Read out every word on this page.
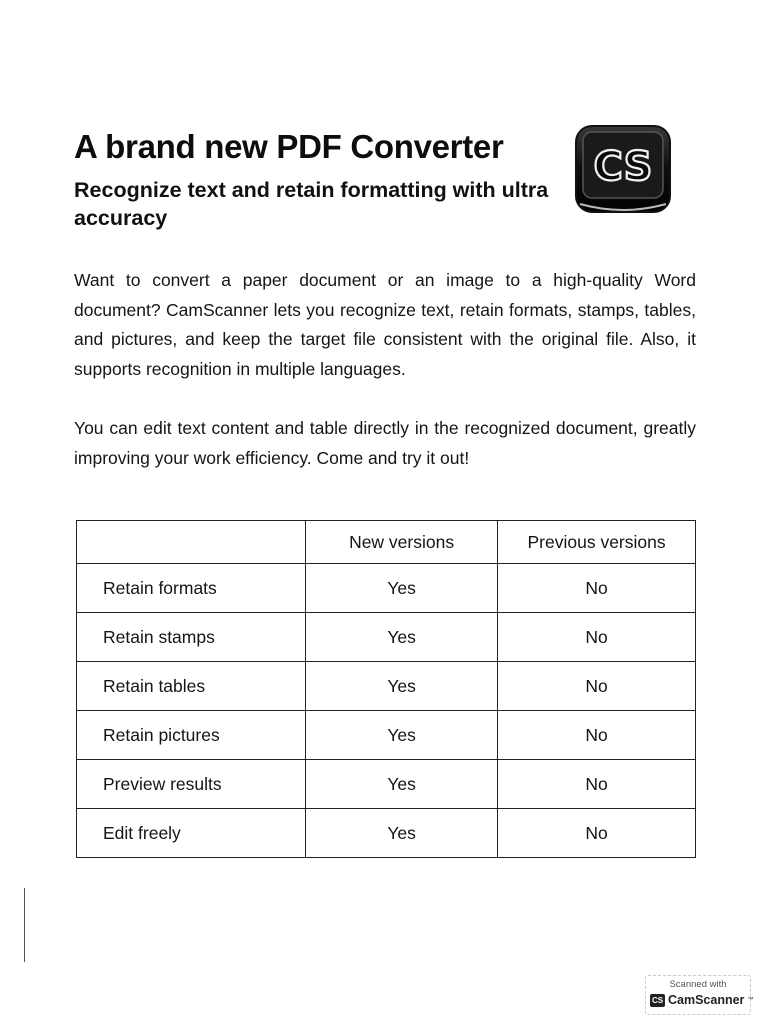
A brand new PDF Converter

Recognize text and retain formatting with ultra accuracy

CS

Want to convert a paper document or an image to a high-quality Word document? CamScanner lets you recognize text, retain formats, stamps, tables, and pictures, and keep the target file consistent with the original file. Also, it supports recognition in multiple languages.

You can edit text content and table directly in the recognized document, greatly improving your work efficiency. Come and try it out!

	New versions	Previous versions
Retain formats	Yes	No
Retain stamps	Yes	No
Retain tables	Yes	No
Retain pictures	Yes	No
Preview results	Yes	No
Edit freely	Yes	No
Scanned with
CS CamScanner ™
